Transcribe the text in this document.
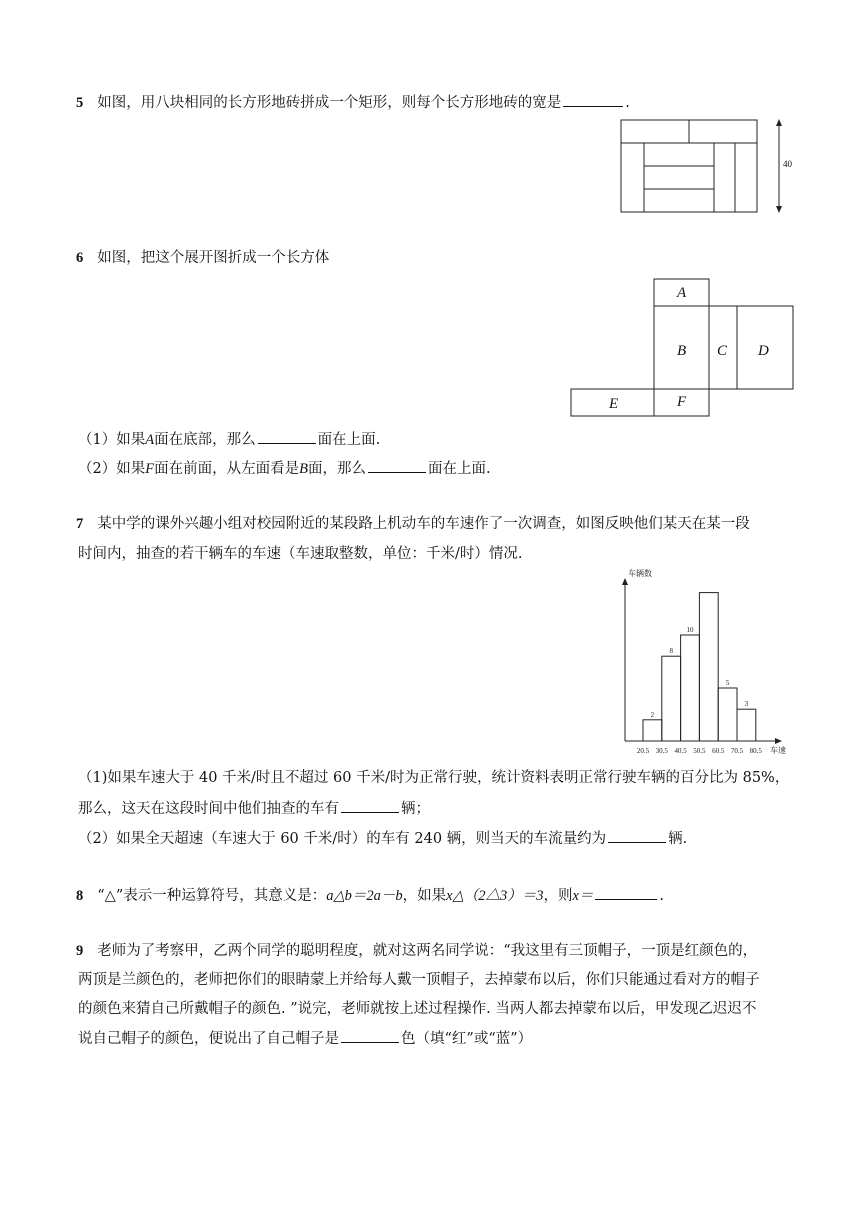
5 如图，用八块相同的长方形地砖拼成一个矩形，则每个长方形地砖的宽是	.
40
6 如图，把这个展开图折成一个长方体
A
B C D
E	F
（1）如果A面在底部，那么	面在上面.
（2）如果F面在前面，从左面看是B面，那么	面在上面.
7 某中学的课外兴趣小组对校园附近的某段路上机动车的车速作了一次调查，如图反映他们某天在某一段
时间内，抽查的若干辆车的车速（车速取整数，单位：千米/时）情况.
车辆数
车速
2
8
10
5
3
20.5 30.5 40.5 50.5 60.5 70.5 80.5
（1)如果车速大于 40 千米/时且不超过 60 千米/时为正常行驶，统计资料表明正常行驶车辆的百分比为 85%，
那么，这天在这段时间中他们抽查的车有	辆；
（2）如果全天超速（车速大于 60 千米/时）的车有 240 辆，则当天的车流量约为	辆.
8 “△”表示一种运算符号，其意义是：a△b＝2a－b，如果x△（2△3）＝3，则x＝	.
9 老师为了考察甲，乙两个同学的聪明程度，就对这两名同学说：“我这里有三顶帽子，一顶是红颜色的，
两顶是兰颜色的，老师把你们的眼睛蒙上并给每人戴一顶帽子，去掉蒙布以后，你们只能通过看对方的帽子
的颜色来猜自己所戴帽子的颜色. ”说完，老师就按上述过程操作. 当两人都去掉蒙布以后，甲发现乙迟迟不
说自己帽子的颜色，便说出了自己帽子是	色（填“红”或“蓝”）
